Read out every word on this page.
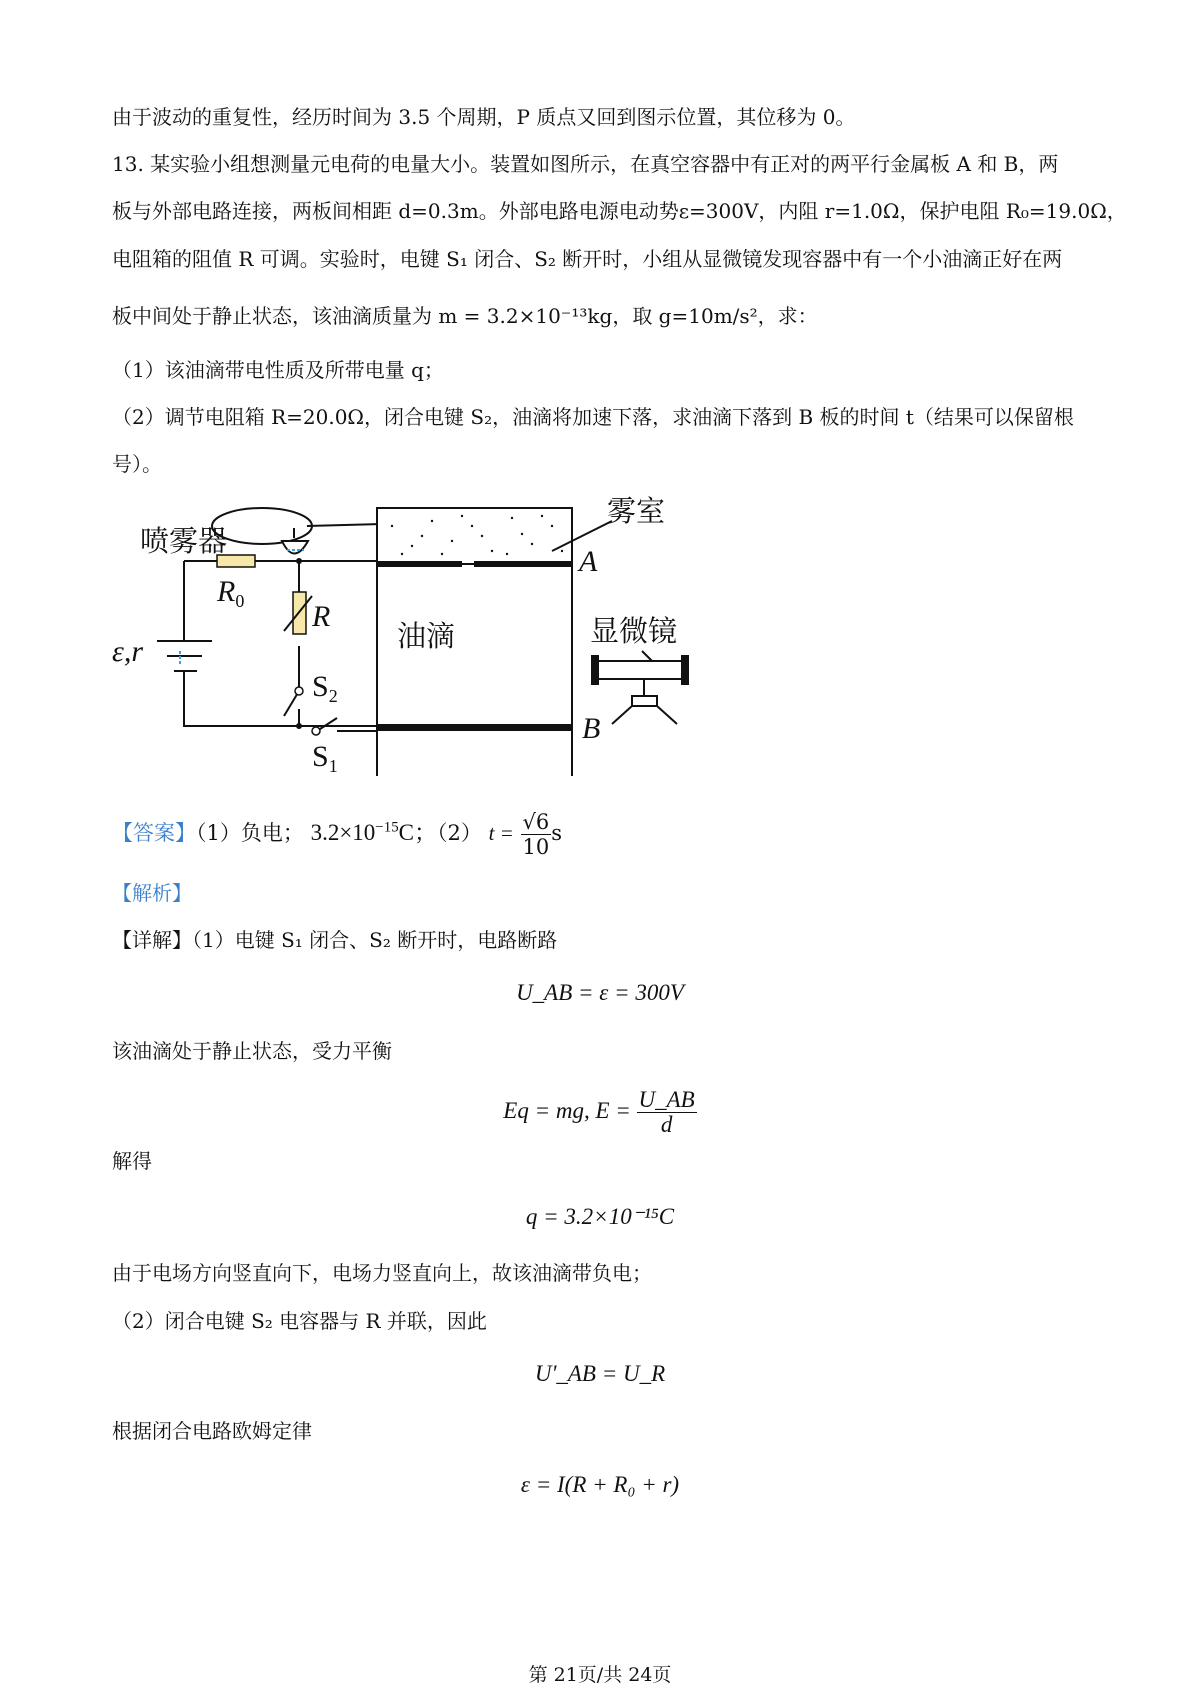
由于波动的重复性，经历时间为 3.5 个周期，P 质点又回到图示位置，其位移为 0。
13. 某实验小组想测量元电荷的电量大小。装置如图所示，在真空容器中有正对的两平行金属板 A 和 B，两
板与外部电路连接，两板间相距 d=0.3m。外部电路电源电动势ε=300V，内阻 r=1.0Ω，保护电阻 R₀=19.0Ω，
电阻箱的阻值 R 可调。实验时，电键 S₁ 闭合、S₂ 断开时，小组从显微镜发现容器中有一个小油滴正好在两
板中间处于静止状态，该油滴质量为 m = 3.2×10⁻¹³kg，取 g=10m/s²，求：
（1）该油滴带电性质及所带电量 q；
（2）调节电阻箱 R=20.0Ω，闭合电键 S₂，油滴将加速下落，求油滴下落到 B 板的时间 t（结果可以保留根
号）。
喷雾器
雾室
油滴	显微镜
A
B
$R_0$ R
ε,r
$S_2$
$S_1$
【答案】（1）负电； $3.2\times 10^{-15}C$；（2） $t = \frac{√6}{10}$ s
【解析】
【详解】（1）电键 S₁ 闭合、S₂ 断开时，电路断路
U_AB = ε = 300V
该油滴处于静止状态，受力平衡
Eq = mg, $E = \frac{U\_AB}{d}$
解得
q = 3.2×10⁻¹⁵C
由于电场方向竖直向下，电场力竖直向上，故该油滴带负电；
（2）闭合电键 S₂ 电容器与 R 并联，因此
U'_AB = U_R
根据闭合电路欧姆定律
ε = I(R + R₀ + r)
第 21页/共 24页
